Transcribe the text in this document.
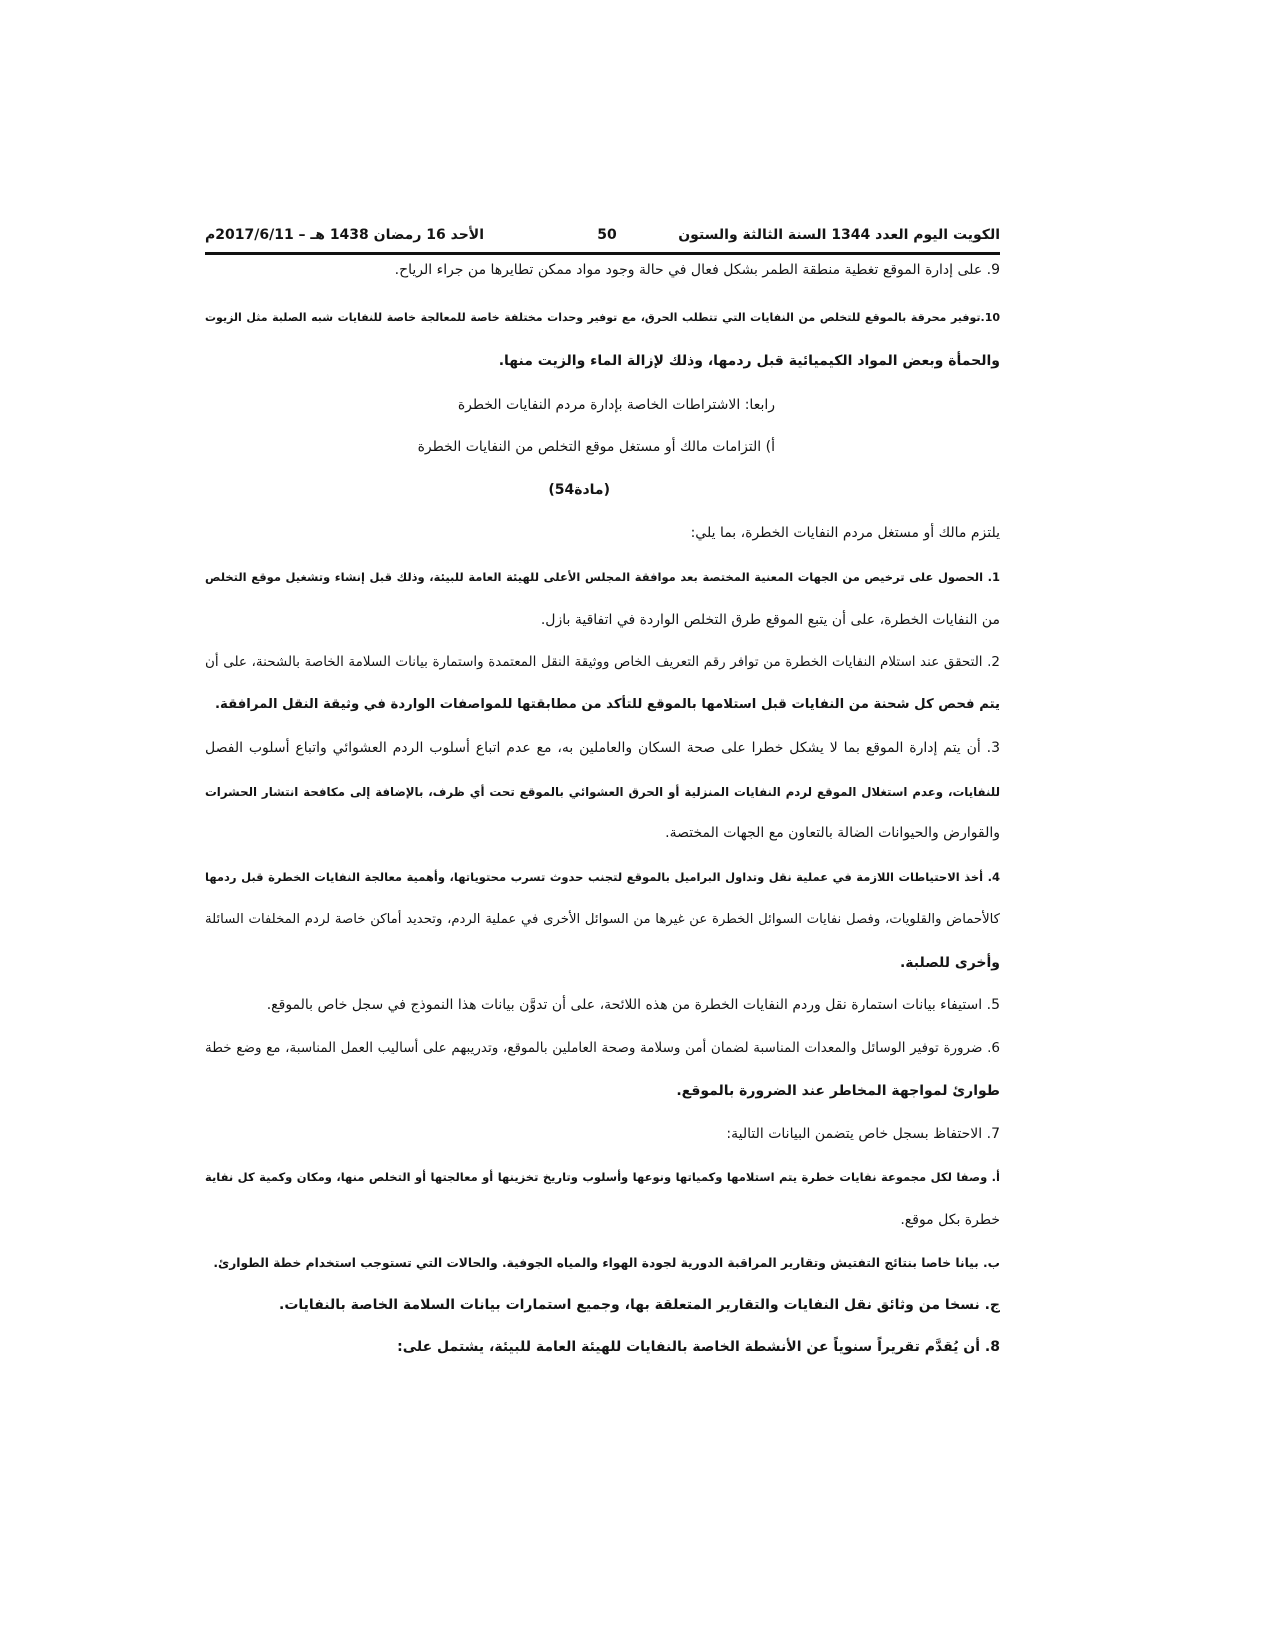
الكويت اليوم العدد 1344 السنة الثالثة والستون
50
الأحد 16 رمضان 1438 هـ – 2017/6/11م
9. على إدارة الموقع تغطية منطقة الطمر بشكل فعال في حالة وجود مواد ممكن تطايرها من جراء الرياح.
10.توفير محرقة بالموقع للتخلص من النفايات التي تتطلب الحرق، مع توفير وحدات مختلفة خاصة للمعالجة خاصة للنفايات شبه الصلبة مثل الزيوت
والحمأة وبعض المواد الكيميائية قبل ردمها، وذلك لإزالة الماء والزيت منها.
رابعا: الاشتراطات الخاصة بإدارة مردم النفايات الخطرة
أ) التزامات مالك أو مستغل موقع التخلص من النفايات الخطرة
(مادة54)
يلتزم مالك أو مستغل مردم النفايات الخطرة، بما يلي:
1. الحصول على ترخيص من الجهات المعنية المختصة بعد موافقة المجلس الأعلى للهيئة العامة للبيئة، وذلك قبل إنشاء وتشغيل موقع التخلص
من النفايات الخطرة، على أن يتبع الموقع طرق التخلص الواردة في اتفاقية بازل.
2. التحقق عند استلام النفايات الخطرة من توافر رقم التعريف الخاص ووثيقة النقل المعتمدة واستمارة بيانات السلامة الخاصة بالشحنة، على أن
يتم فحص كل شحنة من النفايات قبل استلامها بالموقع للتأكد من مطابقتها للمواصفات الواردة في وثيقة النقل المرافقة.
3. أن يتم إدارة الموقع بما لا يشكل خطرا على صحة السكان والعاملين به، مع عدم اتباع أسلوب الردم العشوائي واتباع أسلوب الفصل
للنفايات، وعدم استغلال الموقع لردم النفايات المنزلية أو الحرق العشوائي بالموقع تحت أي ظرف، بالإضافة إلى مكافحة انتشار الحشرات
والقوارض والحيوانات الضالة بالتعاون مع الجهات المختصة.
4. أخذ الاحتياطات اللازمة في عملية نقل وتداول البراميل بالموقع لتجنب حدوث تسرب محتوياتها، وأهمية معالجة النفايات الخطرة قبل ردمها
كالأحماض والقلويات، وفصل نفايات السوائل الخطرة عن غيرها من السوائل الأخرى في عملية الردم، وتحديد أماكن خاصة لردم المخلفات السائلة
وأخرى للصلبة.
5. استيفاء بيانات استمارة نقل وردم النفايات الخطرة من هذه اللائحة، على أن تدوَّن بيانات هذا النموذج في سجل خاص بالموقع.
6. ضرورة توفير الوسائل والمعدات المناسبة لضمان أمن وسلامة وصحة العاملين بالموقع، وتدريبهم على أساليب العمل المناسبة، مع وضع خطة
طوارئ لمواجهة المخاطر عند الضرورة بالموقع.
7. الاحتفاظ بسجل خاص يتضمن البيانات التالية:
أ. وصفا لكل مجموعة نفايات خطرة يتم استلامها وكمياتها ونوعها وأسلوب وتاريخ تخزينها أو معالجتها أو التخلص منها، ومكان وكمية كل نفاية
خطرة بكل موقع.
ب. بيانا خاصا بنتائج التفتيش وتقارير المراقبة الدورية لجودة الهواء والمياه الجوفية. والحالات التي تستوجب استخدام خطة الطوارئ.
ج. نسخا من وثائق نقل النفايات والتقارير المتعلقة بها، وجميع استمارات بيانات السلامة الخاصة بالنفايات.
8. أن يُقدَّم تقريراً سنوياً عن الأنشطة الخاصة بالنفايات للهيئة العامة للبيئة، يشتمل على:
